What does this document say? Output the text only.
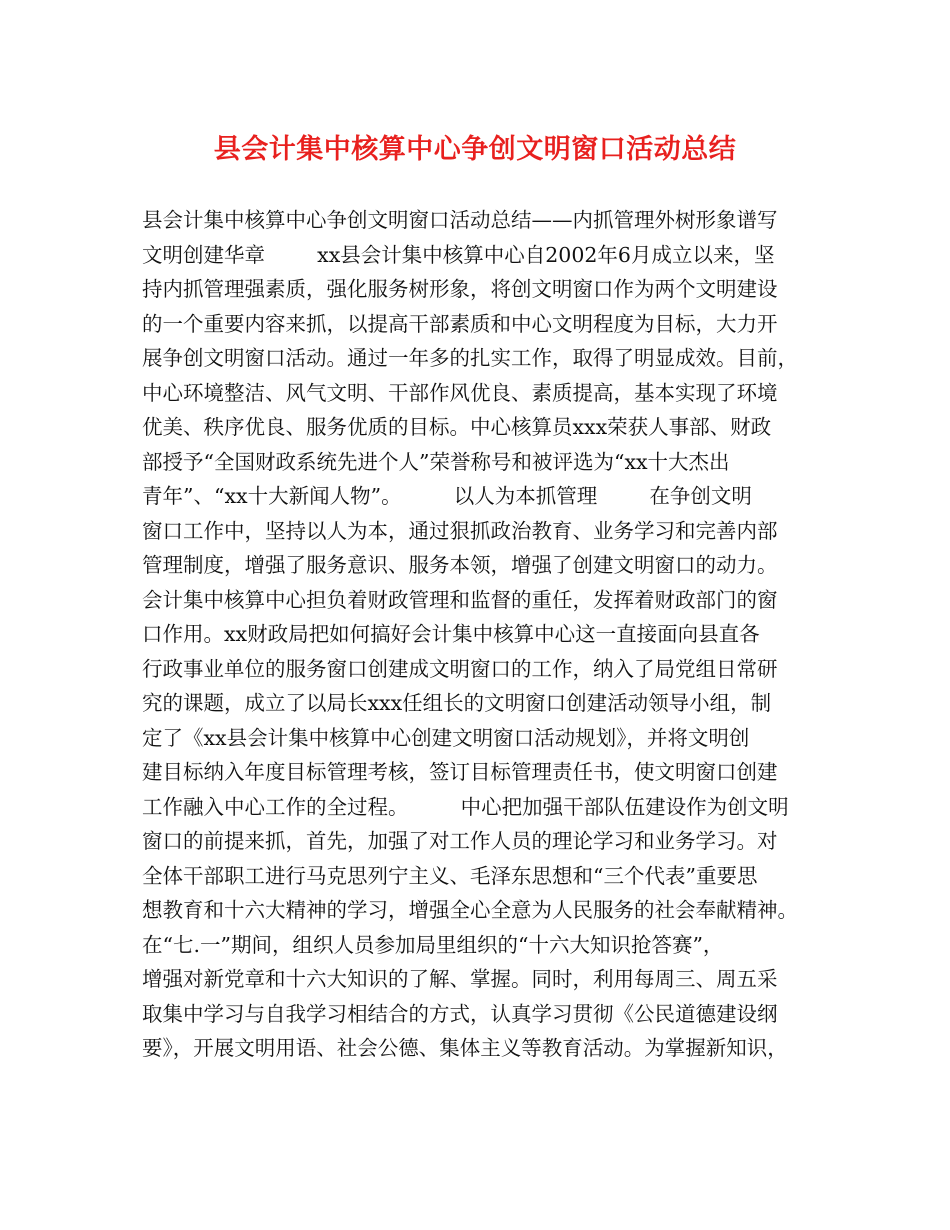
县会计集中核算中心争创文明窗口活动总结
县会计集中核算中心争创文明窗口活动总结——内抓管理外树形象谱写
文明创建华章        xx县会计集中核算中心自2002年6月成立以来，坚
持内抓管理强素质，强化服务树形象，将创文明窗口作为两个文明建设
的一个重要内容来抓，以提高干部素质和中心文明程度为目标，大力开
展争创文明窗口活动。通过一年多的扎实工作，取得了明显成效。目前，
中心环境整洁、风气文明、干部作风优良、素质提高，基本实现了环境
优美、秩序优良、服务优质的目标。中心核算员xxx荣获人事部、财政
部授予“全国财政系统先进个人”荣誉称号和被评选为“xx十大杰出
青年”、“xx十大新闻人物”。        以人为本抓管理        在争创文明
窗口工作中，坚持以人为本，通过狠抓政治教育、业务学习和完善内部
管理制度，增强了服务意识、服务本领，增强了创建文明窗口的动力。
会计集中核算中心担负着财政管理和监督的重任，发挥着财政部门的窗
口作用。xx财政局把如何搞好会计集中核算中心这一直接面向县直各
行政事业单位的服务窗口创建成文明窗口的工作，纳入了局党组日常研
究的课题，成立了以局长xxx任组长的文明窗口创建活动领导小组，制
定了《xx县会计集中核算中心创建文明窗口活动规划》，并将文明创
建目标纳入年度目标管理考核，签订目标管理责任书，使文明窗口创建
工作融入中心工作的全过程。        中心把加强干部队伍建设作为创文明
窗口的前提来抓，首先，加强了对工作人员的理论学习和业务学习。对
全体干部职工进行马克思列宁主义、毛泽东思想和“三个代表”重要思
想教育和十六大精神的学习，增强全心全意为人民服务的社会奉献精神。
在“七.一”期间，组织人员参加局里组织的“十六大知识抢答赛”，
增强对新党章和十六大知识的了解、掌握。同时，利用每周三、周五采
取集中学习与自我学习相结合的方式，认真学习贯彻《公民道德建设纲
要》，开展文明用语、社会公德、集体主义等教育活动。为掌握新知识，
